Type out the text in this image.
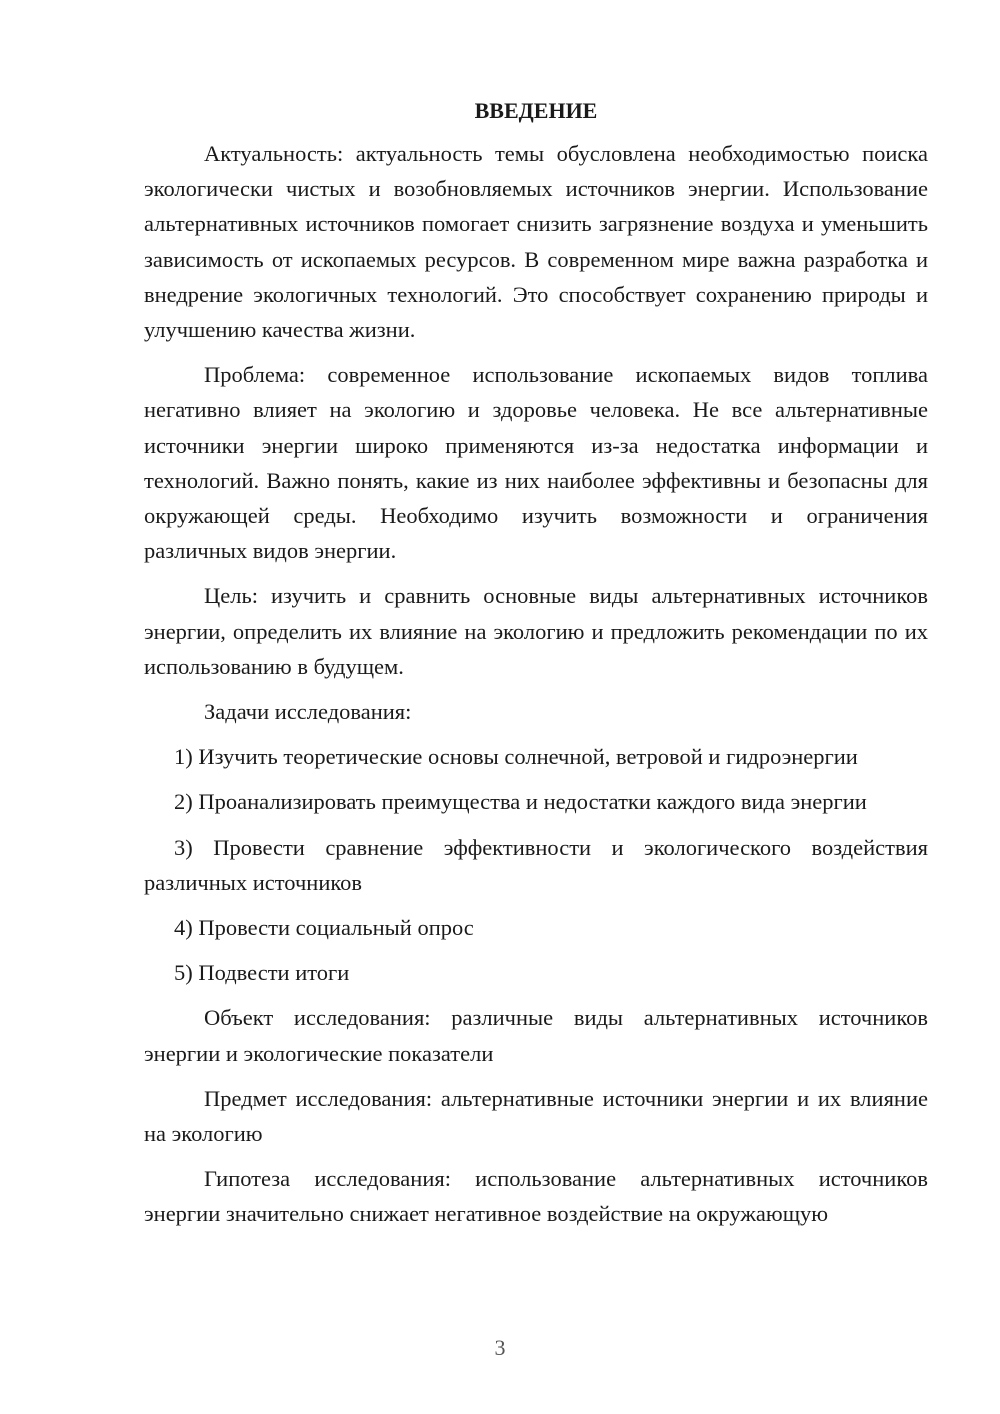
ВВЕДЕНИЕ

Актуальность: актуальность темы обусловлена необходимостью поиска экологически чистых и возобновляемых источников энергии. Использование альтернативных источников помогает снизить загрязнение воздуха и уменьшить зависимость от ископаемых ресурсов. В современном мире важна разработка и внедрение экологичных технологий. Это способствует сохранению природы и улучшению качества жизни.

Проблема: современное использование ископаемых видов топлива негативно влияет на экологию и здоровье человека. Не все альтернативные источники энергии широко применяются из-за недостатка информации и технологий. Важно понять, какие из них наиболее эффективны и безопасны для окружающей среды. Необходимо изучить возможности и ограничения различных видов энергии.

Цель: изучить и сравнить основные виды альтернативных источников энергии, определить их влияние на экологию и предложить рекомендации по их использованию в будущем.

Задачи исследования:

1) Изучить теоретические основы солнечной, ветровой и гидроэнергии

2) Проанализировать преимущества и недостатки каждого вида энергии

3) Провести сравнение эффективности и экологического воздействия различных источников

4) Провести социальный опрос

5) Подвести итоги

Объект исследования: различные виды альтернативных источников энергии и экологические показатели

Предмет исследования: альтернативные источники энергии и их влияние на экологию

Гипотеза исследования: использование альтернативных источников энергии значительно снижает негативное воздействие на окружающую

3
